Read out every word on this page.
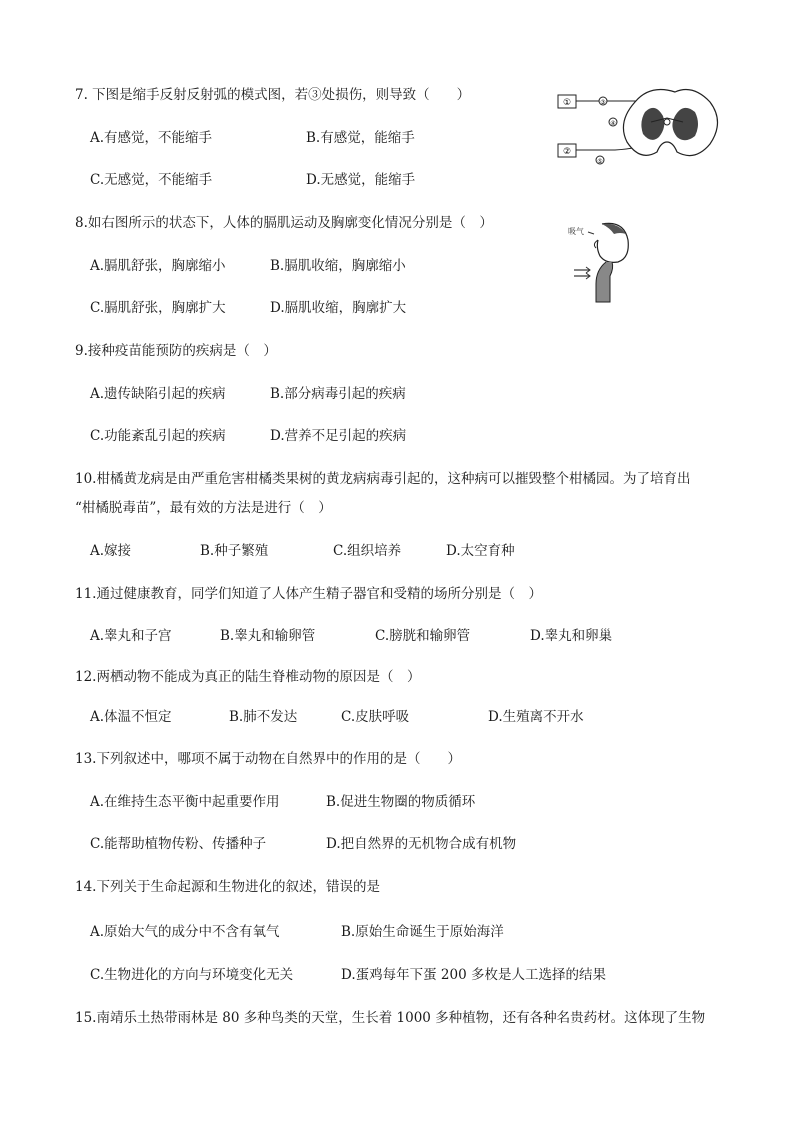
7. 下图是缩手反射反射弧的模式图，若③处损伤，则导致（　　）
A.有感觉，不能缩手	B.有感觉，能缩手
C.无感觉，不能缩手	D.无感觉，能缩手
①
②
③
④
⑤
8.如右图所示的状态下，人体的膈肌运动及胸廓变化情况分别是（　）
A.膈肌舒张，胸廓缩小	B.膈肌收缩，胸廓缩小
C.膈肌舒张，胸廓扩大	D.膈肌收缩，胸廓扩大
吸气
9.接种疫苗能预防的疾病是（　）
A.遗传缺陷引起的疾病	B.部分病毒引起的疾病
C.功能紊乱引起的疾病	D.营养不足引起的疾病
10.柑橘黄龙病是由严重危害柑橘类果树的黄龙病病毒引起的，这种病可以摧毁整个柑橘园。为了培育出
“柑橘脱毒苗”，最有效的方法是进行（　）
A.嫁接	B.种子繁殖	C.组织培养	D.太空育种
11.通过健康教育，同学们知道了人体产生精子器官和受精的场所分别是（　）
A.睾丸和子宫	B.睾丸和输卵管	C.膀胱和输卵管	D.睾丸和卵巢
12.两栖动物不能成为真正的陆生脊椎动物的原因是（　）
A.体温不恒定	B.肺不发达	C.皮肤呼吸	D.生殖离不开水
13.下列叙述中，哪项不属于动物在自然界中的作用的是（　　）
A.在维持生态平衡中起重要作用	B.促进生物圈的物质循环
C.能帮助植物传粉、传播种子	D.把自然界的无机物合成有机物
14.下列关于生命起源和生物进化的叙述，错误的是
A.原始大气的成分中不含有氧气	B.原始生命诞生于原始海洋
C.生物进化的方向与环境变化无关	D.蛋鸡每年下蛋 200 多枚是人工选择的结果
15.南靖乐土热带雨林是 80 多种鸟类的天堂，生长着 1000 多种植物，还有各种名贵药材。这体现了生物
